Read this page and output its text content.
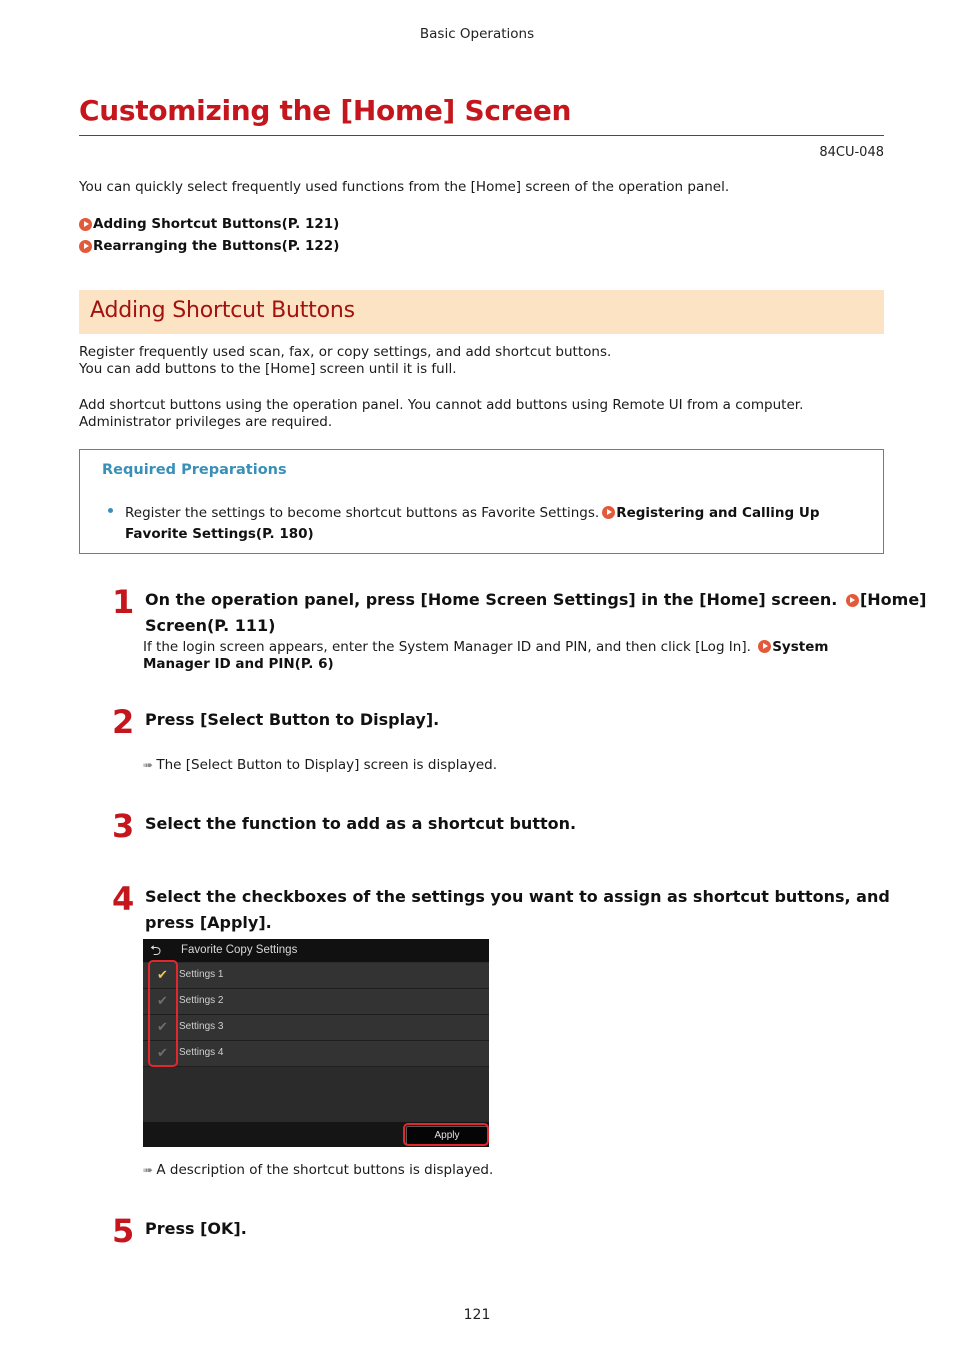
Basic Operations
Customizing the [Home] Screen
84CU-048
You can quickly select frequently used functions from the [Home] screen of the operation panel.
Adding Shortcut Buttons(P. 121)
Rearranging the Buttons(P. 122)
Adding Shortcut Buttons
Register frequently used scan, fax, or copy settings, and add shortcut buttons.
You can add buttons to the [Home] screen until it is full.
Add shortcut buttons using the operation panel. You cannot add buttons using Remote UI from a computer.
Administrator privileges are required.
Required Preparations
Register the settings to become shortcut buttons as Favorite Settings. Registering and Calling Up Favorite Settings(P. 180)
1 On the operation panel, press [Home Screen Settings] in the [Home] screen. [Home]
Screen(P. 111)
If the login screen appears, enter the System Manager ID and PIN, and then click [Log In]. System
Manager ID and PIN(P. 6)
2 Press [Select Button to Display].
➠ The [Select Button to Display] screen is displayed.
3 Select the function to add as a shortcut button.
4 Select the checkboxes of the settings you want to assign as shortcut buttons, and
press [Apply].
⮌ Favorite Copy Settings
✔ Settings 1
✔ Settings 2
✔ Settings 3
✔ Settings 4
Apply
➠ A description of the shortcut buttons is displayed.
5 Press [OK].
121
